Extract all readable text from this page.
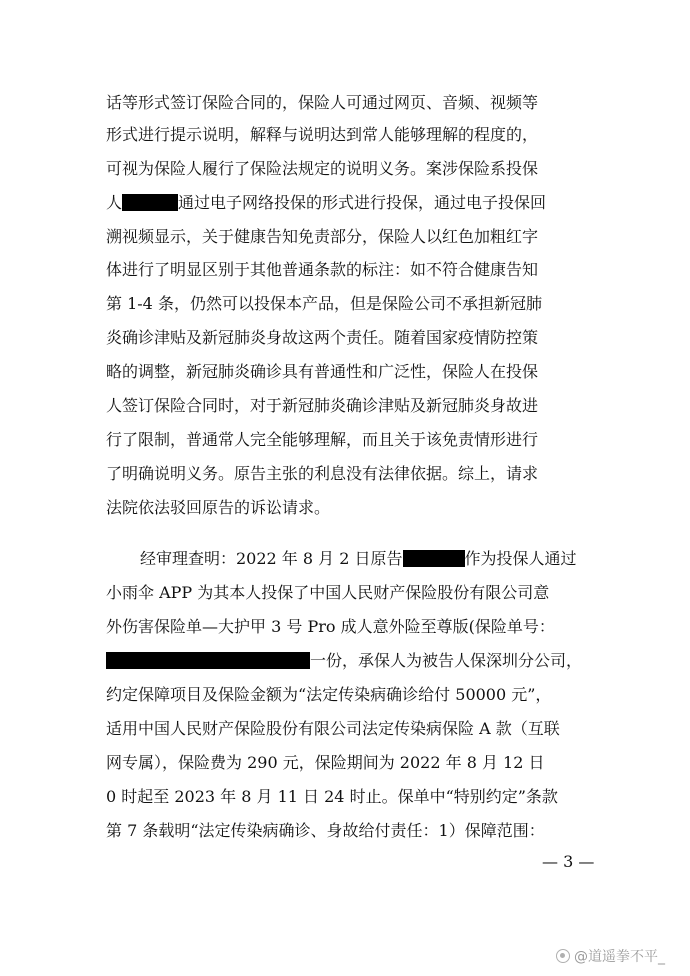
话等形式签订保险合同的，保险人可通过网页、音频、视频等
形式进行提示说明，解释与说明达到常人能够理解的程度的，
可视为保险人履行了保险法规定的说明义务。案涉保险系投保
人	通过电子网络投保的形式进行投保，通过电子投保回
溯视频显示，关于健康告知免责部分，保险人以红色加粗红字
体进行了明显区别于其他普通条款的标注：如不符合健康告知
第 1-4 条，仍然可以投保本产品，但是保险公司不承担新冠肺
炎确诊津贴及新冠肺炎身故这两个责任。随着国家疫情防控策
略的调整，新冠肺炎确诊具有普通性和广泛性，保险人在投保
人签订保险合同时，对于新冠肺炎确诊津贴及新冠肺炎身故进
行了限制，普通常人完全能够理解，而且关于该免责情形进行
了明确说明义务。原告主张的利息没有法律依据。综上，请求
法院依法驳回原告的诉讼请求。
经审理查明：2022 年 8 月 2 日原告	作为投保人通过
小雨伞 APP 为其本人投保了中国人民财产保险股份有限公司意
外伤害保险单—大护甲 3 号 Pro 成人意外险至尊版(保险单号：
一份，承保人为被告人保深圳分公司，
约定保障项目及保险金额为“法定传染病确诊给付 50000 元”，
适用中国人民财产保险股份有限公司法定传染病保险 A 款（互联
网专属），保险费为 290 元，保险期间为 2022 年 8 月 12 日
0 时起至 2023 年 8 月 11 日 24 时止。保单中“特别约定”条款
第 7 条载明“法定传染病确诊、身故给付责任：1）保障范围：
— 3 —
@道遥拳不平_
